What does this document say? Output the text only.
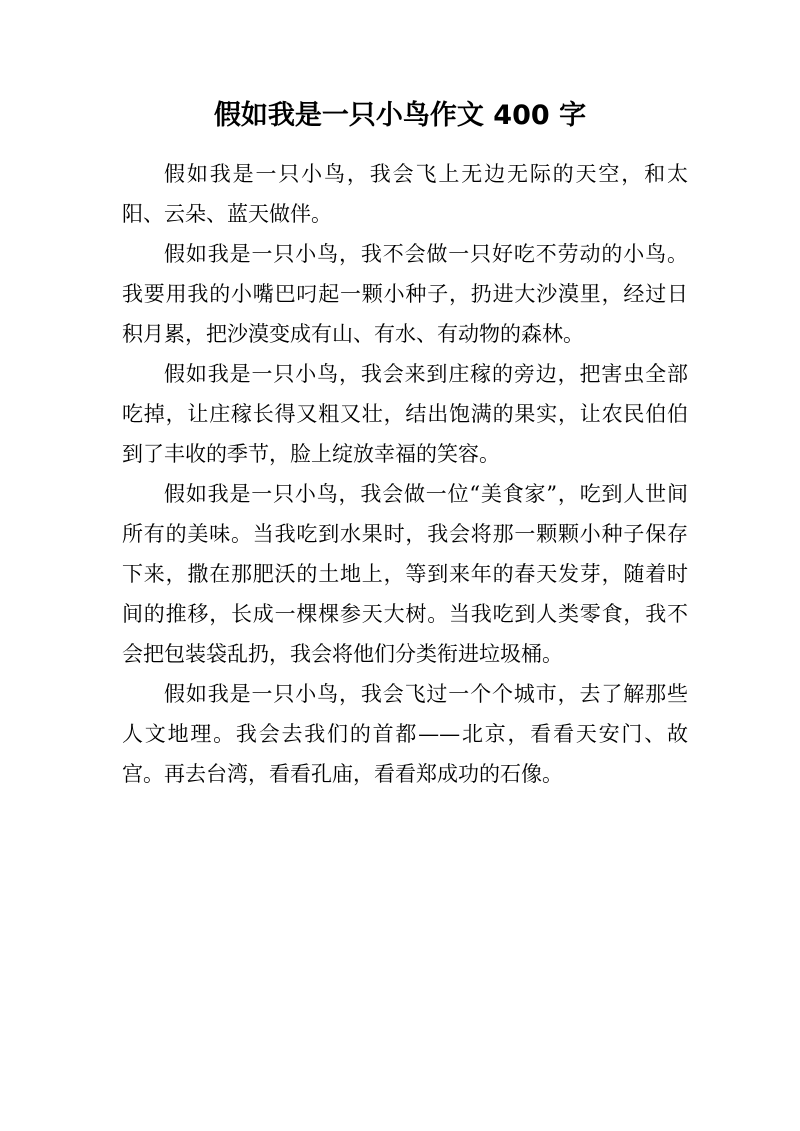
假如我是一只小鸟作文 400 字

假如我是一只小鸟，我会飞上无边无际的天空，和太阳、云朵、蓝天做伴。

假如我是一只小鸟，我不会做一只好吃不劳动的小鸟。我要用我的小嘴巴叼起一颗小种子，扔进大沙漠里，经过日积月累，把沙漠变成有山、有水、有动物的森林。

假如我是一只小鸟，我会来到庄稼的旁边，把害虫全部吃掉，让庄稼长得又粗又壮，结出饱满的果实，让农民伯伯到了丰收的季节，脸上绽放幸福的笑容。

假如我是一只小鸟，我会做一位“美食家”，吃到人世间所有的美味。当我吃到水果时，我会将那一颗颗小种子保存下来，撒在那肥沃的土地上，等到来年的春天发芽，随着时间的推移，长成一棵棵参天大树。当我吃到人类零食，我不会把包装袋乱扔，我会将他们分类衔进垃圾桶。

假如我是一只小鸟，我会飞过一个个城市，去了解那些人文地理。我会去我们的首都——北京，看看天安门、故宫。再去台湾，看看孔庙，看看郑成功的石像。
